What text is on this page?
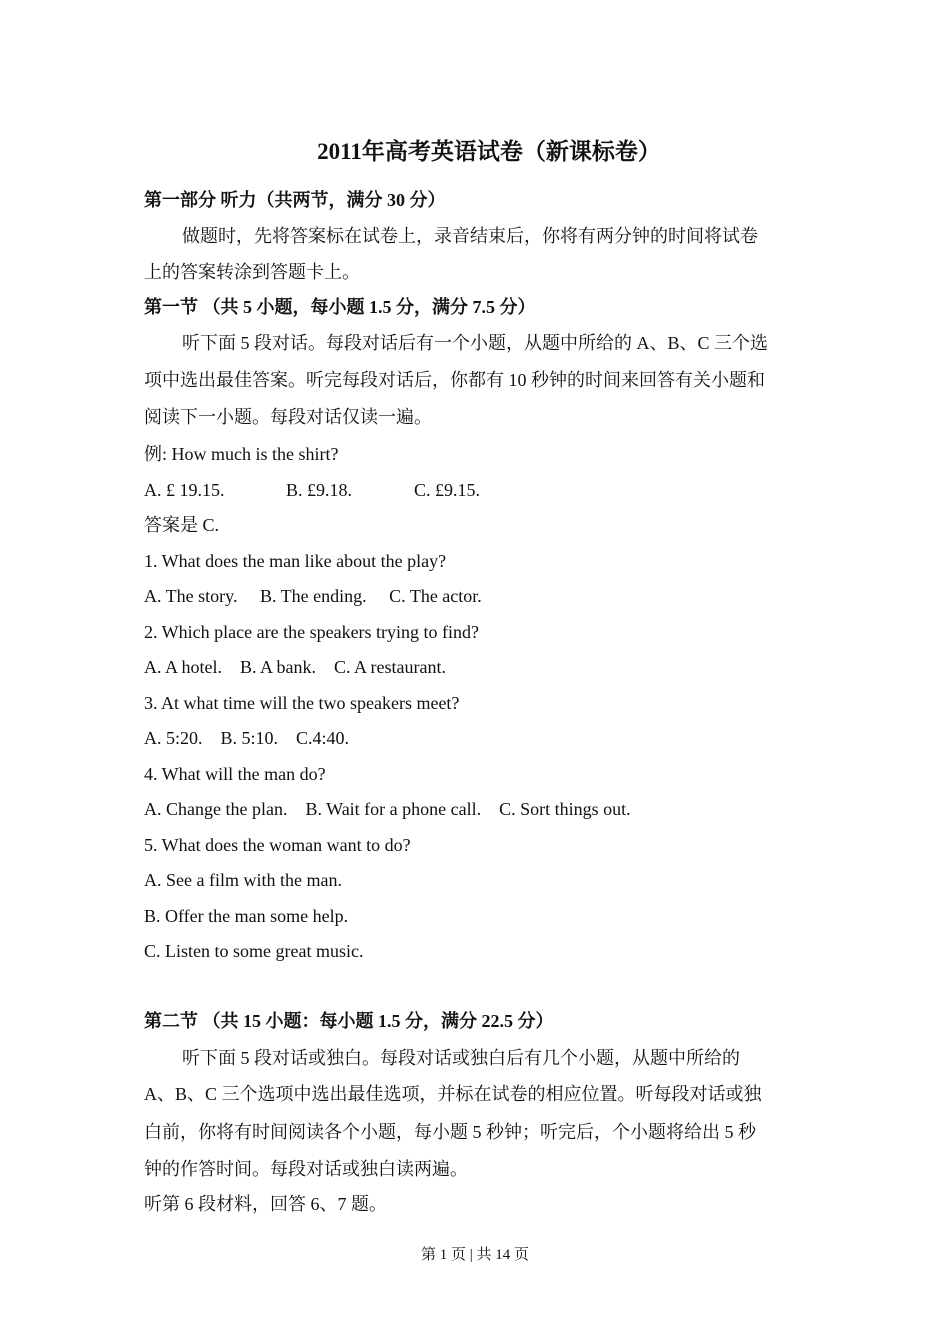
2011年高考英语试卷（新课标卷）
第一部分 听力（共两节，满分 30 分）
做题时，先将答案标在试卷上，录音结束后，你将有两分钟的时间将试卷
上的答案转涂到答题卡上。
第一节 （共 5 小题，每小题 1.5 分，满分 7.5 分）
听下面 5 段对话。每段对话后有一个小题，从题中所给的 A、B、C 三个选
项中选出最佳答案。听完每段对话后，你都有 10 秒钟的时间来回答有关小题和
阅读下一小题。每段对话仅读一遍。
例: How much is the shirt?
A. £ 19.15.	B. £9.18.	C. £9.15.
答案是 C.
1. What does the man like about the play?
A. The story.     B. The ending.     C. The actor.
2. Which place are the speakers trying to find?
A. A hotel.    B. A bank.    C. A restaurant.
3. At what time will the two speakers meet?
A. 5:20.    B. 5:10.    C.4:40.
4. What will the man do?
A. Change the plan.    B. Wait for a phone call.    C. Sort things out.
5. What does the woman want to do?
A. See a film with the man.
B. Offer the man some help.
C. Listen to some great music.
第二节 （共 15 小题：每小题 1.5 分，满分 22.5 分）
听下面 5 段对话或独白。每段对话或独白后有几个小题，从题中所给的
A、B、C 三个选项中选出最佳选项，并标在试卷的相应位置。听每段对话或独
白前，你将有时间阅读各个小题，每小题 5 秒钟；听完后，个小题将给出 5 秒
钟的作答时间。每段对话或独白读两遍。
听第 6 段材料，回答 6、7 题。
第 1 页 | 共 14 页
